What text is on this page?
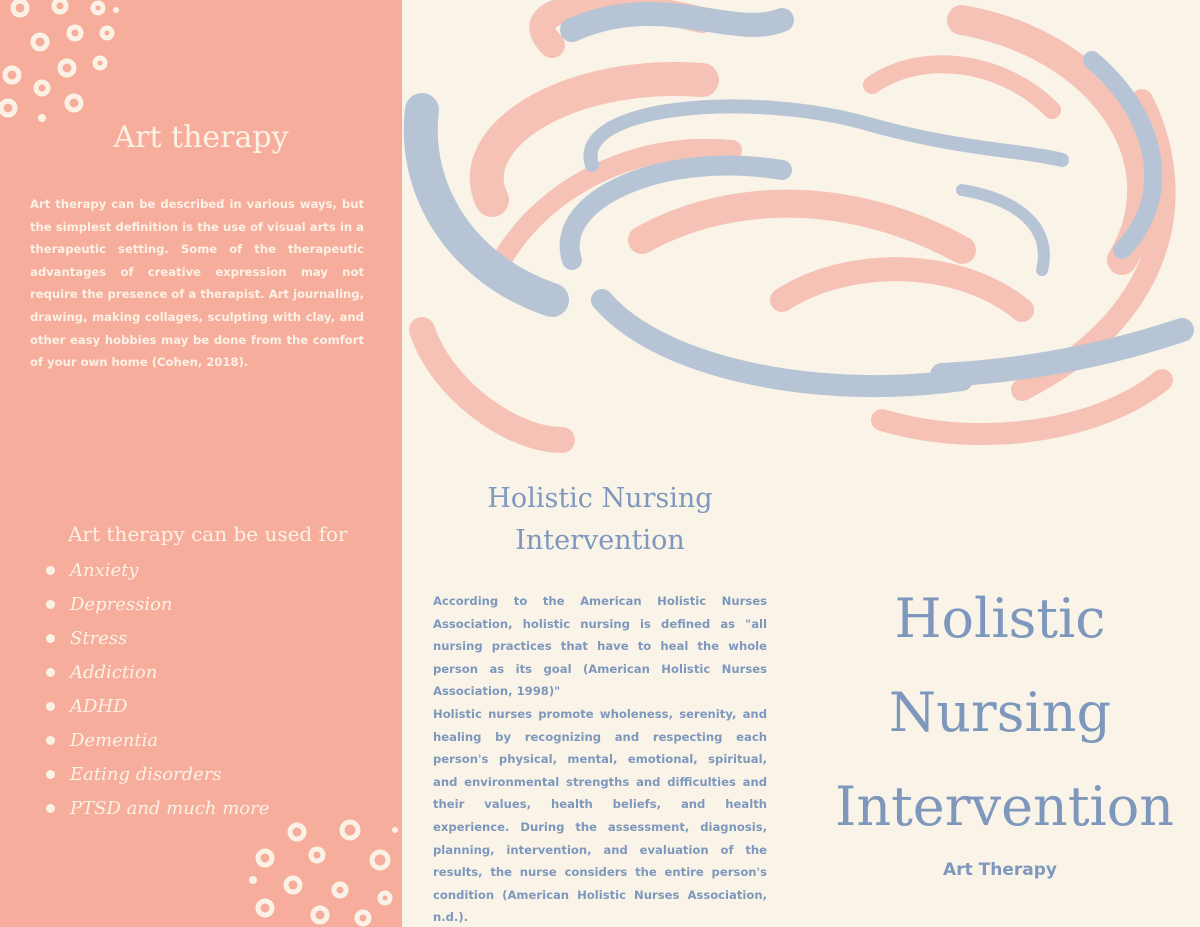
Art therapy

Art therapy can be described in various ways, but the simplest definition is the use of visual arts in a therapeutic setting. Some of the therapeutic advantages of creative expression may not require the presence of a therapist. Art journaling, drawing, making collages, sculpting with clay, and other easy hobbies may be done from the comfort of your own home (Cohen, 2018).

Art therapy can be used for
Anxiety
Depression
Stress
Addiction
ADHD
Dementia
Eating disorders
PTSD and much more
Holistic Nursing Intervention

According to the American Holistic Nurses Association, holistic nursing is defined as "all nursing practices that have to heal the whole person as its goal (American Holistic Nurses Association, 1998)"

Holistic nurses promote wholeness, serenity, and healing by recognizing and respecting each person's physical, mental, emotional, spiritual, and environmental strengths and difficulties and their values, health beliefs, and health experience. During the assessment, diagnosis, planning, intervention, and evaluation of the results, the nurse considers the entire person's condition (American Holistic Nurses Association, n.d.).

Holistic
Nursing
Intervention
Art Therapy
